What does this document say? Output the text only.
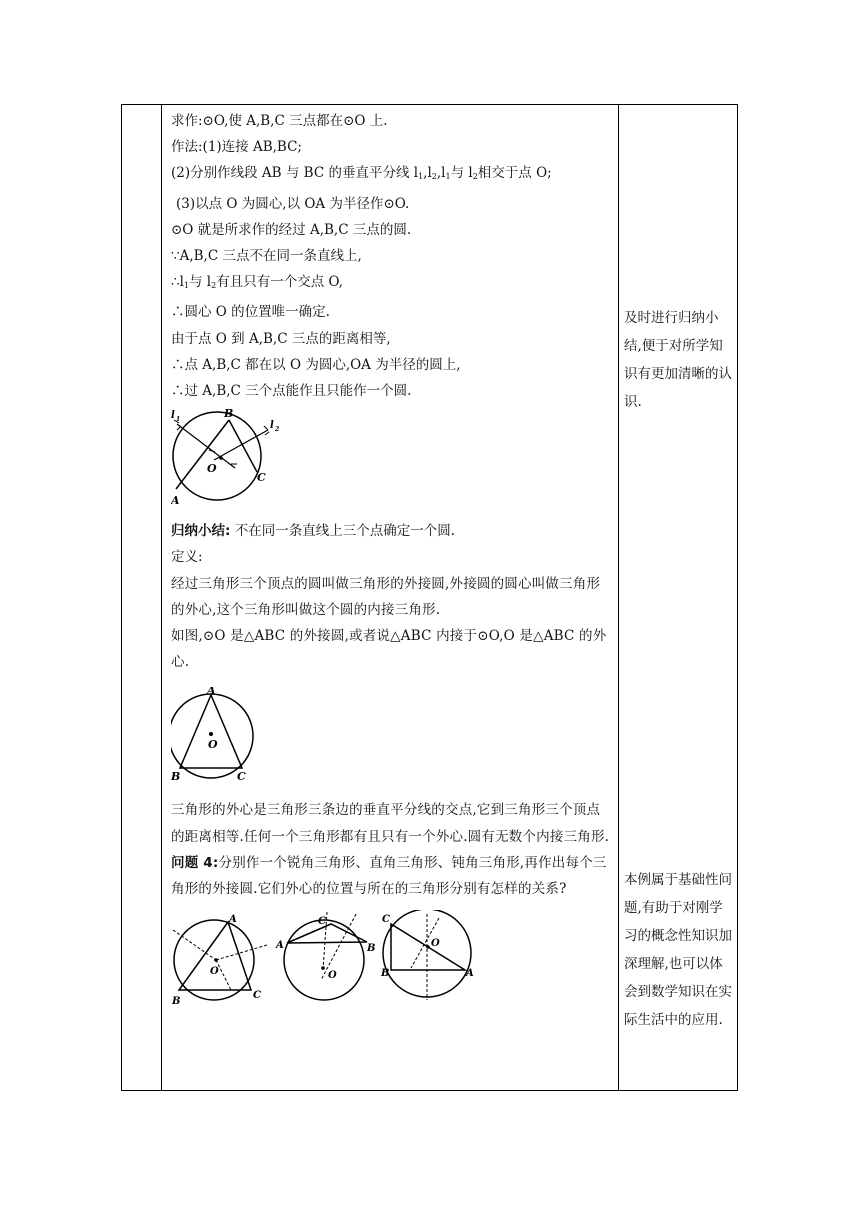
求作:⊙O,使 A,B,C 三点都在⊙O 上.

作法:(1)连接 AB,BC;

(2)分别作线段 AB 与 BC 的垂直平分线 $l_1,l_2,l_1$与 $l_2$相交于点 O;

(3)以点 O 为圆心,以 OA 为半径作⊙O.

⊙O 就是所求作的经过 A,B,C 三点的圆.

∵A,B,C 三点不在同一条直线上,

$\therefore l_1$与 $l_2$有且只有一个交点 O,

∴圆心 O 的位置唯一确定.

由于点 O 到 A,B,C 三点的距离相等,

∴点 A,B,C 都在以 O 为圆心,OA 为半径的圆上,

∴过 A,B,C 三个点能作且只能作一个圆.

A
B
C
O
l 1
l 2

归纳小结: 不在同一条直线上三个点确定一个圆.

定义:

经过三角形三个顶点的圆叫做三角形的外接圆,外接圆的圆心叫做三角形的外心,这个三角形叫做这个圆的内接三角形.

如图,⊙O 是△ABC 的外接圆,或者说△ABC 内接于⊙O,O 是△ABC 的外心.

A
B	C
O

三角形的外心是三角形三条边的垂直平分线的交点,它到三角形三个顶点的距离相等.任何一个三角形都有且只有一个外心.圆有无数个内接三角形.

问题 4:分别作一个锐角三角形、直角三角形、钝角三角形,再作出每个三角形的外接圆.它们外心的位置与所在的三角形分别有怎样的关系?

A
B
C
O
A	B
C
O	A
B
C
O
及时进行归纳小结,便于对所学知识有更加清晰的认识.
本例属于基础性问题,有助于对刚学习的概念性知识加深理解,也可以体会到数学知识在实际生活中的应用.
